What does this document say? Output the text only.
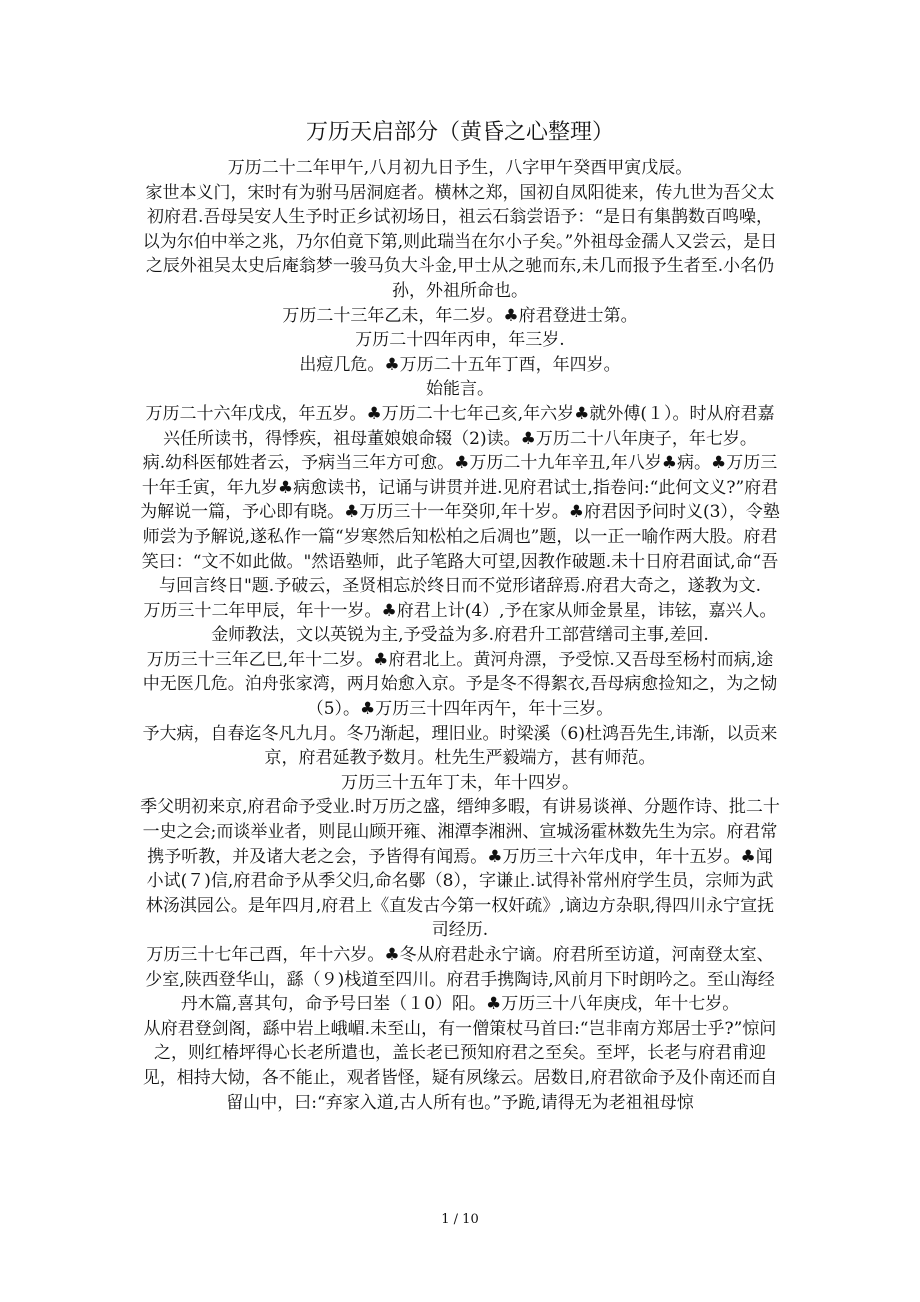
万历天启部分（黄昏之心整理）

万历二十二年甲午,八月初九日予生，八字甲午癸酉甲寅戊辰。

家世本义门，宋时有为驸马居洞庭者。横林之郑，国初自凤阳徙来，传九世为吾父太初府君.吾母吴安人生予时正乡试初场日，祖云石翁尝语予：“是日有集鹊数百鸣噪，以为尔伯中举之兆，乃尔伯竟下第,则此瑞当在尔小子矣。”外祖母金孺人又尝云，是日之辰外祖吴太史后庵翁梦一骏马负大斗金,甲士从之驰而东,未几而报予生者至.小名仍孙，外祖所命也。

万历二十三年乙未，年二岁。♣府君登进士第。

万历二十四年丙申，年三岁.

出痘几危。♣万历二十五年丁酉，年四岁。

始能言。

万历二十六年戊戌，年五岁。♣万历二十七年己亥,年六岁♣就外傅(１）。时从府君嘉兴任所读书，得悸疾，祖母董娘娘命辍（2)读。♣万历二十八年庚子，年七岁。

病.幼科医郁姓者云，予病当三年方可愈。♣万历二十九年辛丑,年八岁♣病。♣万历三十年壬寅，年九岁♣病愈读书，记诵与讲贯并进.见府君试士,指卷问:“此何文义?”府君为解说一篇，予心即有晓。♣万历三十一年癸卯,年十岁。♣府君因予问时义(3），令塾师尝为予解说,遂私作一篇“岁寒然后知松柏之后凋也”题，以一正一喻作两大股。府君笑曰：“文不如此做。"然语塾师，此子笔路大可望,因教作破题.未十日府君面试,命“吾与回言终日"题.予破云，圣贤相忘於终日而不觉形诸辞焉.府君大奇之，遂教为文.

万历三十二年甲辰，年十一岁。♣府君上计(4）,予在家从师金景星，讳铉，嘉兴人。金师教法，文以英锐为主,予受益为多.府君升工部营缮司主事,差回.

万历三十三年乙巳,年十二岁。♣府君北上。黄河舟漂，予受惊.又吾母至杨村而病,途中无医几危。泊舟张家湾，两月始愈入京。予是冬不得絮衣,吾母病愈捡知之，为之恸（5）。♣万历三十四年丙午，年十三岁。

予大病，自春迄冬凡九月。冬乃渐起，理旧业。时梁溪（6)杜鸿吾先生,讳渐，以贡来京，府君延教予数月。杜先生严毅端方，甚有师范。

万历三十五年丁未，年十四岁。

季父明初来京,府君命予受业.时万历之盛，缙绅多暇，有讲易谈禅、分题作诗、批二十一史之会;而谈举业者，则昆山顾开雍、湘潭李湘洲、宣城汤霍林数先生为宗。府君常携予听教，并及诸大老之会，予皆得有闻焉。♣万历三十六年戊申，年十五岁。♣闻小试(７)信,府君命予从季父归,命名鄤（8），字谦止.试得补常州府学生员，宗师为武林汤淇园公。是年四月,府君上《直发古今第一权奸疏》,谪边方杂职,得四川永宁宣抚司经历.

万历三十七年己酉，年十六岁。♣冬从府君赴永宁谪。府君所至访道，河南登太室、少室,陕西登华山，繇（９)栈道至四川。府君手携陶诗,风前月下时朗吟之。至山海经丹木篇,喜其句，命予号曰峚（１0）阳。♣万历三十八年庚戌，年十七岁。

从府君登剑阁，繇中岩上峨嵋.未至山，有一僧策杖马首曰:“岂非南方郑居士乎?”惊问之，则红椿坪得心长老所遣也，盖长老已预知府君之至矣。至坪，长老与府君甫迎见，相持大恸，各不能止，观者皆怪，疑有夙缘云。居数日,府君欲命予及仆南还而自留山中，曰:“弃家入道,古人所有也。”予跪,请得无为老祖祖母惊

1 / 10
